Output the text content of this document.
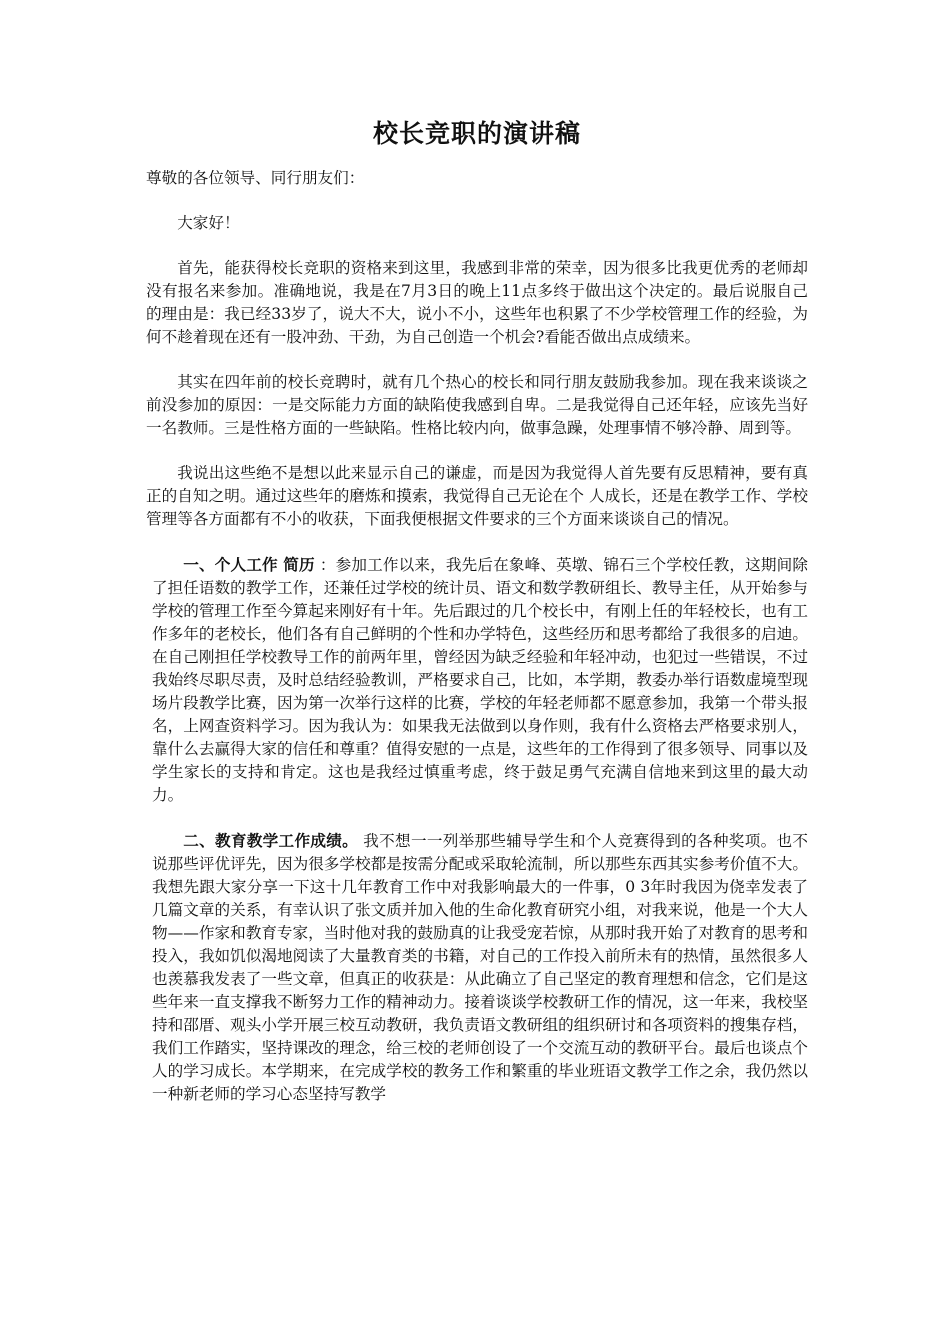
校长竞职的演讲稿

尊敬的各位领导、同行朋友们：

大家好！

首先，能获得校长竞职的资格来到这里，我感到非常的荣幸，因为很多比我更优秀的老师却没有报名来参加。准确地说，我是在7月3日的晚上11点多终于做出这个决定的。最后说服自己的理由是：我已经33岁了，说大不大，说小不小，这些年也积累了不少学校管理工作的经验，为何不趁着现在还有一股冲劲、干劲，为自己创造一个机会?看能否做出点成绩来。

其实在四年前的校长竞聘时，就有几个热心的校长和同行朋友鼓励我参加。现在我来谈谈之前没参加的原因：一是交际能力方面的缺陷使我感到自卑。二是我觉得自己还年轻，应该先当好一名教师。三是性格方面的一些缺陷。性格比较内向，做事急躁，处理事情不够冷静、周到等。

我说出这些绝不是想以此来显示自己的谦虚，而是因为我觉得人首先要有反思精神，要有真正的自知之明。通过这些年的磨炼和摸索，我觉得自己无论在个 人成长，还是在教学工作、学校管理等各方面都有不小的收获，下面我便根据文件要求的三个方面来谈谈自己的情况。

一、个人工作 简历 ：参加工作以来，我先后在象峰、英墩、锦石三个学校任教，这期间除了担任语数的教学工作，还兼任过学校的统计员、语文和数学教研组长、教导主任，从开始参与学校的管理工作至今算起来刚好有十年。先后跟过的几个校长中，有刚上任的年轻校长，也有工作多年的老校长，他们各有自己鲜明的个性和办学特色，这些经历和思考都给了我很多的启迪。在自己刚担任学校教导工作的前两年里，曾经因为缺乏经验和年轻冲动，也犯过一些错误，不过我始终尽职尽责，及时总结经验教训，严格要求自己，比如，本学期，教委办举行语数虚境型现场片段教学比赛，因为第一次举行这样的比赛，学校的年轻老师都不愿意参加，我第一个带头报名，上网查资料学习。因为我认为：如果我无法做到以身作则，我有什么资格去严格要求别人，靠什么去赢得大家的信任和尊重？值得安慰的一点是，这些年的工作得到了很多领导、同事以及学生家长的支持和肯定。这也是我经过慎重考虑，终于鼓足勇气充满自信地来到这里的最大动力。

二、教育教学工作成绩。 我不想一一列举那些辅导学生和个人竞赛得到的各种奖项。也不说那些评优评先，因为很多学校都是按需分配或采取轮流制，所以那些东西其实参考价值不大。我想先跟大家分享一下这十几年教育工作中对我影响最大的一件事，0 3年时我因为侥幸发表了几篇文章的关系，有幸认识了张文质并加入他的生命化教育研究小组，对我来说，他是一个大人物——作家和教育专家，当时他对我的鼓励真的让我受宠若惊，从那时我开始了对教育的思考和投入，我如饥似渴地阅读了大量教育类的书籍，对自己的工作投入前所未有的热情，虽然很多人也羡慕我发表了一些文章，但真正的收获是：从此确立了自己坚定的教育理想和信念，它们是这些年来一直支撑我不断努力工作的精神动力。接着谈谈学校教研工作的情况，这一年来，我校坚持和邵厝、观头小学开展三校互动教研，我负责语文教研组的组织研讨和各项资料的搜集存档，我们工作踏实，坚持课改的理念，给三校的老师创设了一个交流互动的教研平台。最后也谈点个人的学习成长。本学期来，在完成学校的教务工作和繁重的毕业班语文教学工作之余，我仍然以一种新老师的学习心态坚持写教学
